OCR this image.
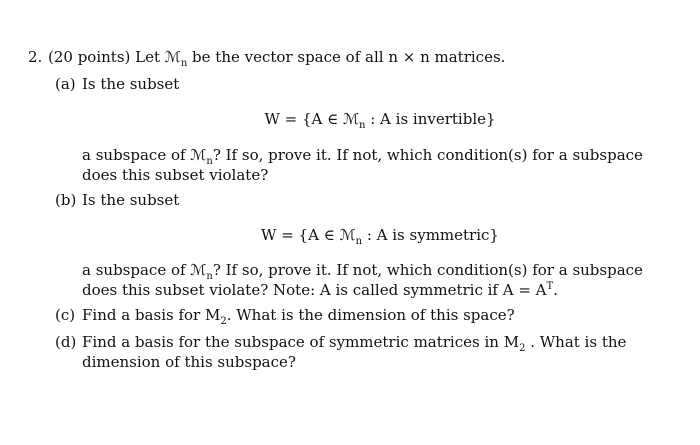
2. (20 points) Let ℳ$_n$ be the vector space of all n × n matrices.
(a) Is the subset
W = {A ∈ ℳ$_n$ : A is invertible}
a subspace of ℳ$_n$? If so, prove it. If not, which condition(s) for a subspace does this subset violate?
(b) Is the subset
W = {A ∈ ℳ$_n$ : A is symmetric}
a subspace of ℳ$_n$? If so, prove it. If not, which condition(s) for a subspace does this subset violate? Note: A is called symmetric if $A = A^T$.
(c) Find a basis for $M_2$. What is the dimension of this space?
(d) Find a basis for the subspace of symmetric matrices in $M_2$ . What is the dimension of this subspace?
